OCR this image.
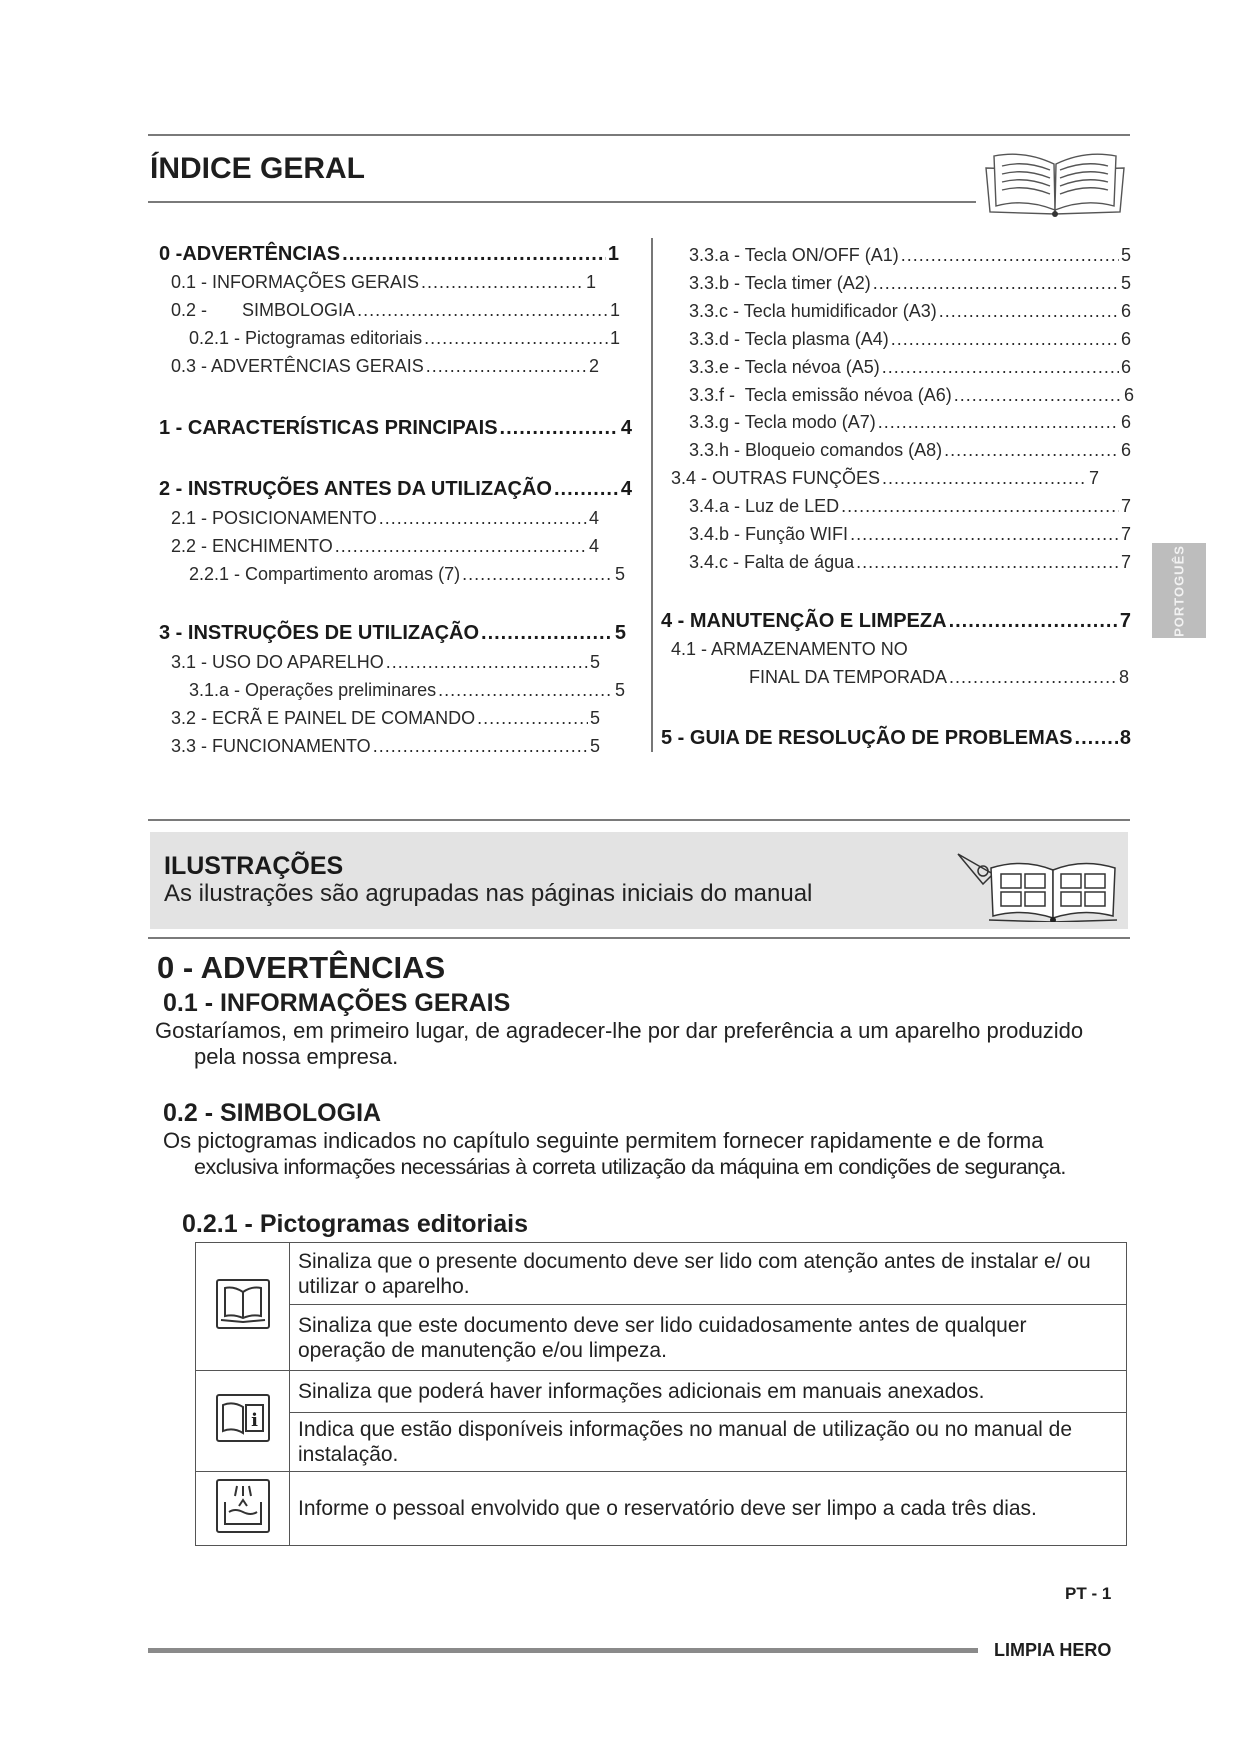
ÍNDICE GERAL
0 -ADVERTÊNCIAS .....	1
0.1 - INFORMAÇÕES GERAIS .....	1
0.2 -       SIMBOLOGIA .....	1
0.2.1 - Pictogramas editoriais .....	1
0.3 - ADVERTÊNCIAS GERAIS .....	2
1 - CARACTERÍSTICAS PRINCIPAIS .....	4
2 - INSTRUÇÕES ANTES DA UTILIZAÇÃO .....	4
2.1 - POSICIONAMENTO .....	4
2.2 - ENCHIMENTO .....	4
2.2.1 - Compartimento aromas (7) .....	5
3 - INSTRUÇÕES DE UTILIZAÇÃO .....	5
3.1 - USO DO APARELHO .....	5
3.1.a - Operações preliminares .....	5
3.2 - ECRÃ E PAINEL DE COMANDO .....	5
3.3 - FUNCIONAMENTO .....	5
3.3.a - Tecla ON/OFF (A1) .....	5
3.3.b - Tecla timer (A2) .....	5
3.3.c - Tecla humidificador (A3) .....	6
3.3.d - Tecla plasma (A4) .....	6
3.3.e - Tecla névoa (A5) .....	6
3.3.f -  Tecla emissão névoa (A6) .....	6
3.3.g - Tecla modo (A7) .....	6
3.3.h - Bloqueio comandos (A8) .....	6
3.4 - OUTRAS FUNÇÕES .....	7
3.4.a - Luz de LED .....	7
3.4.b - Função WIFI .....	7
3.4.c - Falta de água .....	7
4 - MANUTENÇÃO E LIMPEZA .....	7
4.1 - ARMAZENAMENTO NO
FINAL DA TEMPORADA .....	8
5 - GUIA DE RESOLUÇÃO DE PROBLEMAS ..... 8
PORTOGUÊS
ILUSTRAÇÕES
As ilustrações são agrupadas nas páginas iniciais do manual
0 - ADVERTÊNCIAS
0.1 - INFORMAÇÕES GERAIS
Gostaríamos, em primeiro lugar, de agradecer-lhe por dar preferência a um aparelho produzido
pela nossa empresa.
0.2 - SIMBOLOGIA
Os pictogramas indicados no capítulo seguinte permitem fornecer rapidamente e de forma
exclusiva informações necessárias à correta utilização da máquina em condições de segurança.
0.2.1 - Pictogramas editoriais
	Sinaliza que o presente documento deve ser lido com atenção antes de instalar e/ ou utilizar o aparelho.
	Sinaliza que este documento deve ser lido cuidadosamente antes de qualquer operação de manutenção e/ou limpeza.

i	Sinaliza que poderá haver informações adicionais em manuais anexados.
	Indica que estão disponíveis informações no manual de utilização ou no manual de instalação.
	Informe o pessoal envolvido que o reservatório deve ser limpo a cada três dias.
PT - 1
LIMPIA HERO
